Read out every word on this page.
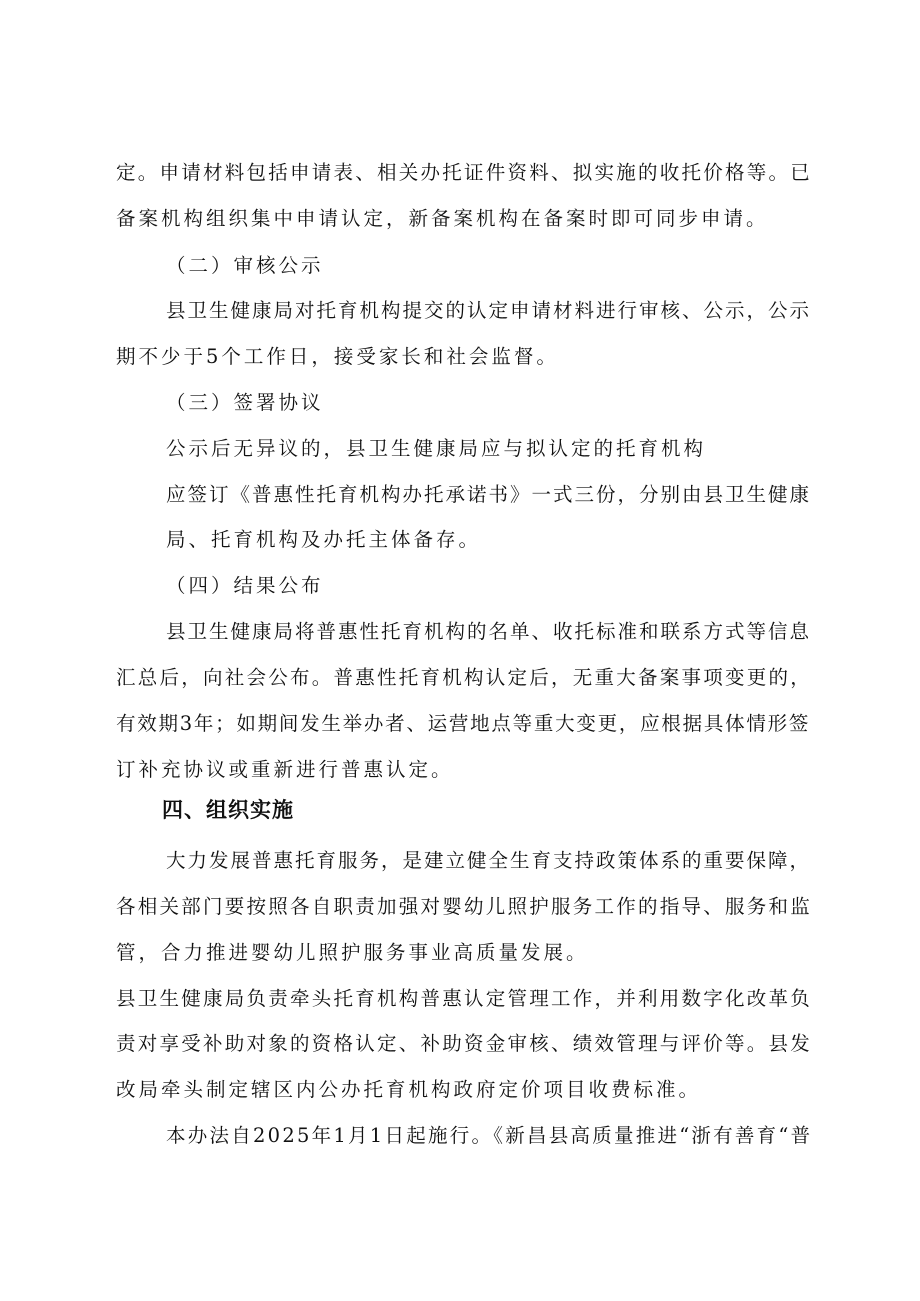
定。申请材料包括申请表、相关办托证件资料、拟实施的收托价格等。已
备案机构组织集中申请认定，新备案机构在备案时即可同步申请。
（二）审核公示
县卫生健康局对托育机构提交的认定申请材料进行审核、公示，公示
期不少于5个工作日，接受家长和社会监督。
（三）签署协议
公示后无异议的，县卫生健康局应与拟认定的托育机构
应签订《普惠性托育机构办托承诺书》一式三份，分别由县卫生健康
局、托育机构及办托主体备存。
（四）结果公布
县卫生健康局将普惠性托育机构的名单、收托标准和联系方式等信息
汇总后，向社会公布。普惠性托育机构认定后，无重大备案事项变更的，
有效期3年；如期间发生举办者、运营地点等重大变更，应根据具体情形签
订补充协议或重新进行普惠认定。
四、组织实施
大力发展普惠托育服务，是建立健全生育支持政策体系的重要保障，
各相关部门要按照各自职责加强对婴幼儿照护服务工作的指导、服务和监
管，合力推进婴幼儿照护服务事业高质量发展。
县卫生健康局负责牵头托育机构普惠认定管理工作，并利用数字化改革负
责对享受补助对象的资格认定、补助资金审核、绩效管理与评价等。县发
改局牵头制定辖区内公办托育机构政府定价项目收费标准。
本办法自2025年1月1日起施行。《新昌县高质量推进“浙有善育“普
